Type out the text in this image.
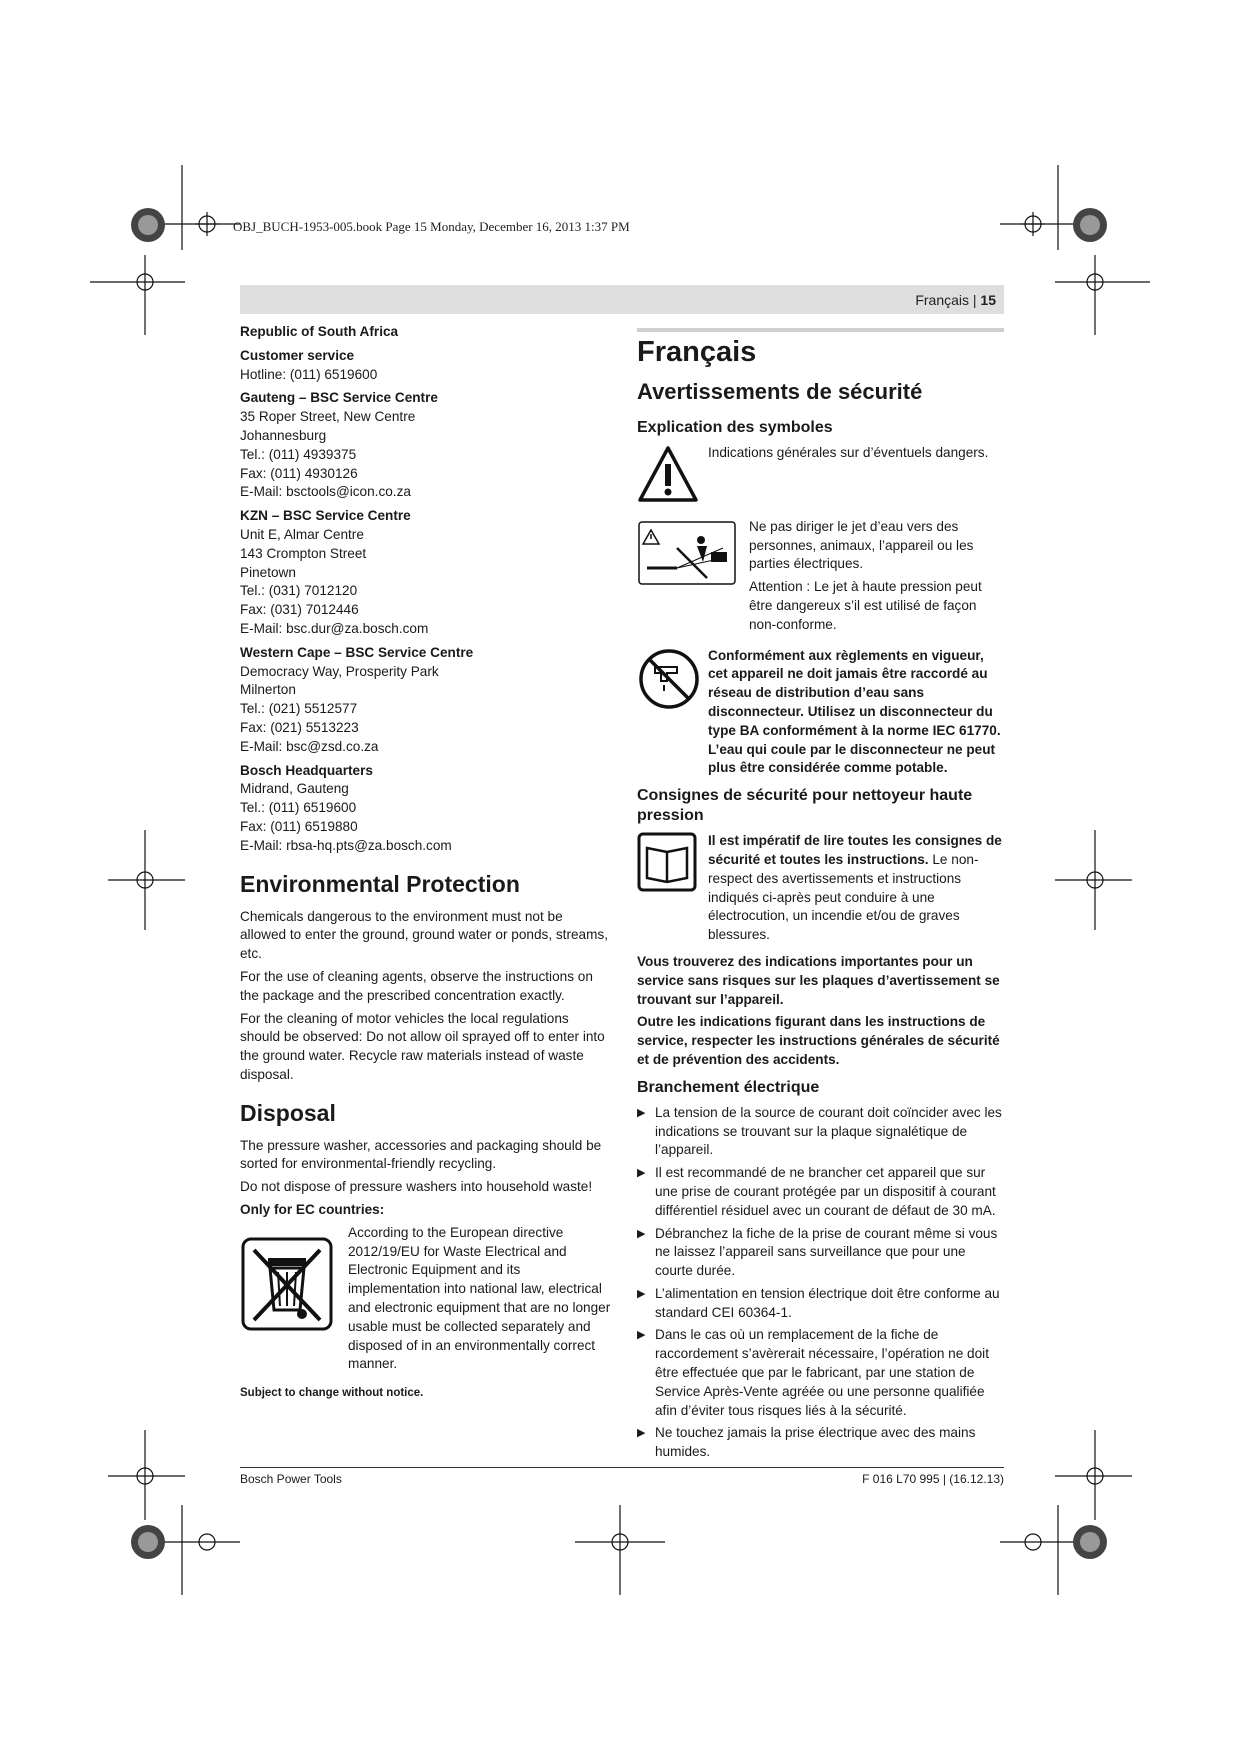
OBJ_BUCH-1953-005.book Page 15 Monday, December 16, 2013 1:37 PM
Français | 15
Republic of South Africa
Customer service
Hotline: (011) 6519600
Gauteng – BSC Service Centre
35 Roper Street, New Centre
Johannesburg
Tel.: (011) 4939375
Fax: (011) 4930126
E-Mail: bsctools@icon.co.za
KZN – BSC Service Centre
Unit E, Almar Centre
143 Crompton Street
Pinetown
Tel.: (031) 7012120
Fax: (031) 7012446
E-Mail: bsc.dur@za.bosch.com
Western Cape – BSC Service Centre
Democracy Way, Prosperity Park
Milnerton
Tel.: (021) 5512577
Fax: (021) 5513223
E-Mail: bsc@zsd.co.za
Bosch Headquarters
Midrand, Gauteng
Tel.: (011) 6519600
Fax: (011) 6519880
E-Mail: rbsa-hq.pts@za.bosch.com
Environmental Protection

Chemicals dangerous to the environment must not be allowed to enter the ground, ground water or ponds, streams, etc.

For the use of cleaning agents, observe the instructions on the package and the prescribed concentration exactly.

For the cleaning of motor vehicles the local regulations should be observed: Do not allow oil sprayed off to enter into the ground water. Recycle raw materials instead of waste disposal.

Disposal

The pressure washer, accessories and packaging should be sorted for environmental-friendly recycling.

Do not dispose of pressure washers into household waste!

Only for EC countries:

According to the European directive 2012/19/EU for Waste Electrical and Electronic Equipment and its implementation into national law, electrical and electronic equipment that are no longer usable must be collected separately and disposed of in an environmentally correct manner.

Subject to change without notice.

Français
Avertissements de sécurité
Explication des symboles
Indications générales sur d’éventuels dangers.

Ne pas diriger le jet d’eau vers des personnes, animaux, l’appareil ou les parties électriques.

Attention : Le jet à haute pression peut être dangereux s’il est utilisé de façon non-conforme.

Conformément aux règlements en vigueur, cet appareil ne doit jamais être raccordé au réseau de distribution d’eau sans disconnecteur. Utilisez un disconnecteur du type BA conformément à la norme IEC 61770.
L’eau qui coule par le disconnecteur ne peut plus être considérée comme potable.
Consignes de sécurité pour nettoyeur haute pression
Il est impératif de lire toutes les consignes de sécurité et toutes les instructions. Le non-respect des avertissements et instructions indiqués ci-après peut conduire à une électrocution, un incendie et/ou de graves blessures.

Vous trouverez des indications importantes pour un service sans risques sur les plaques d’avertissement se trouvant sur l’appareil.

Outre les indications figurant dans les instructions de service, respecter les instructions générales de sécurité et de prévention des accidents.

Branchement électrique
▶ La tension de la source de courant doit coïncider avec les indications se trouvant sur la plaque signalétique de l’appareil.
▶ Il est recommandé de ne brancher cet appareil que sur une prise de courant protégée par un dispositif à courant différentiel résiduel avec un courant de défaut de 30 mA.
▶ Débranchez la fiche de la prise de courant même si vous ne laissez l’appareil sans surveillance que pour une courte durée.
▶ L’alimentation en tension électrique doit être conforme au standard CEI 60364-1.
▶ Dans le cas où un remplacement de la fiche de raccordement s’avèrerait nécessaire, l’opération ne doit être effectuée que par le fabricant, par une station de Service Après-Vente agréée ou une personne qualifiée afin d’éviter tous risques liés à la sécurité.
▶ Ne touchez jamais la prise électrique avec des mains humides.
Bosch Power Tools	F 016 L70 995 | (16.12.13)
